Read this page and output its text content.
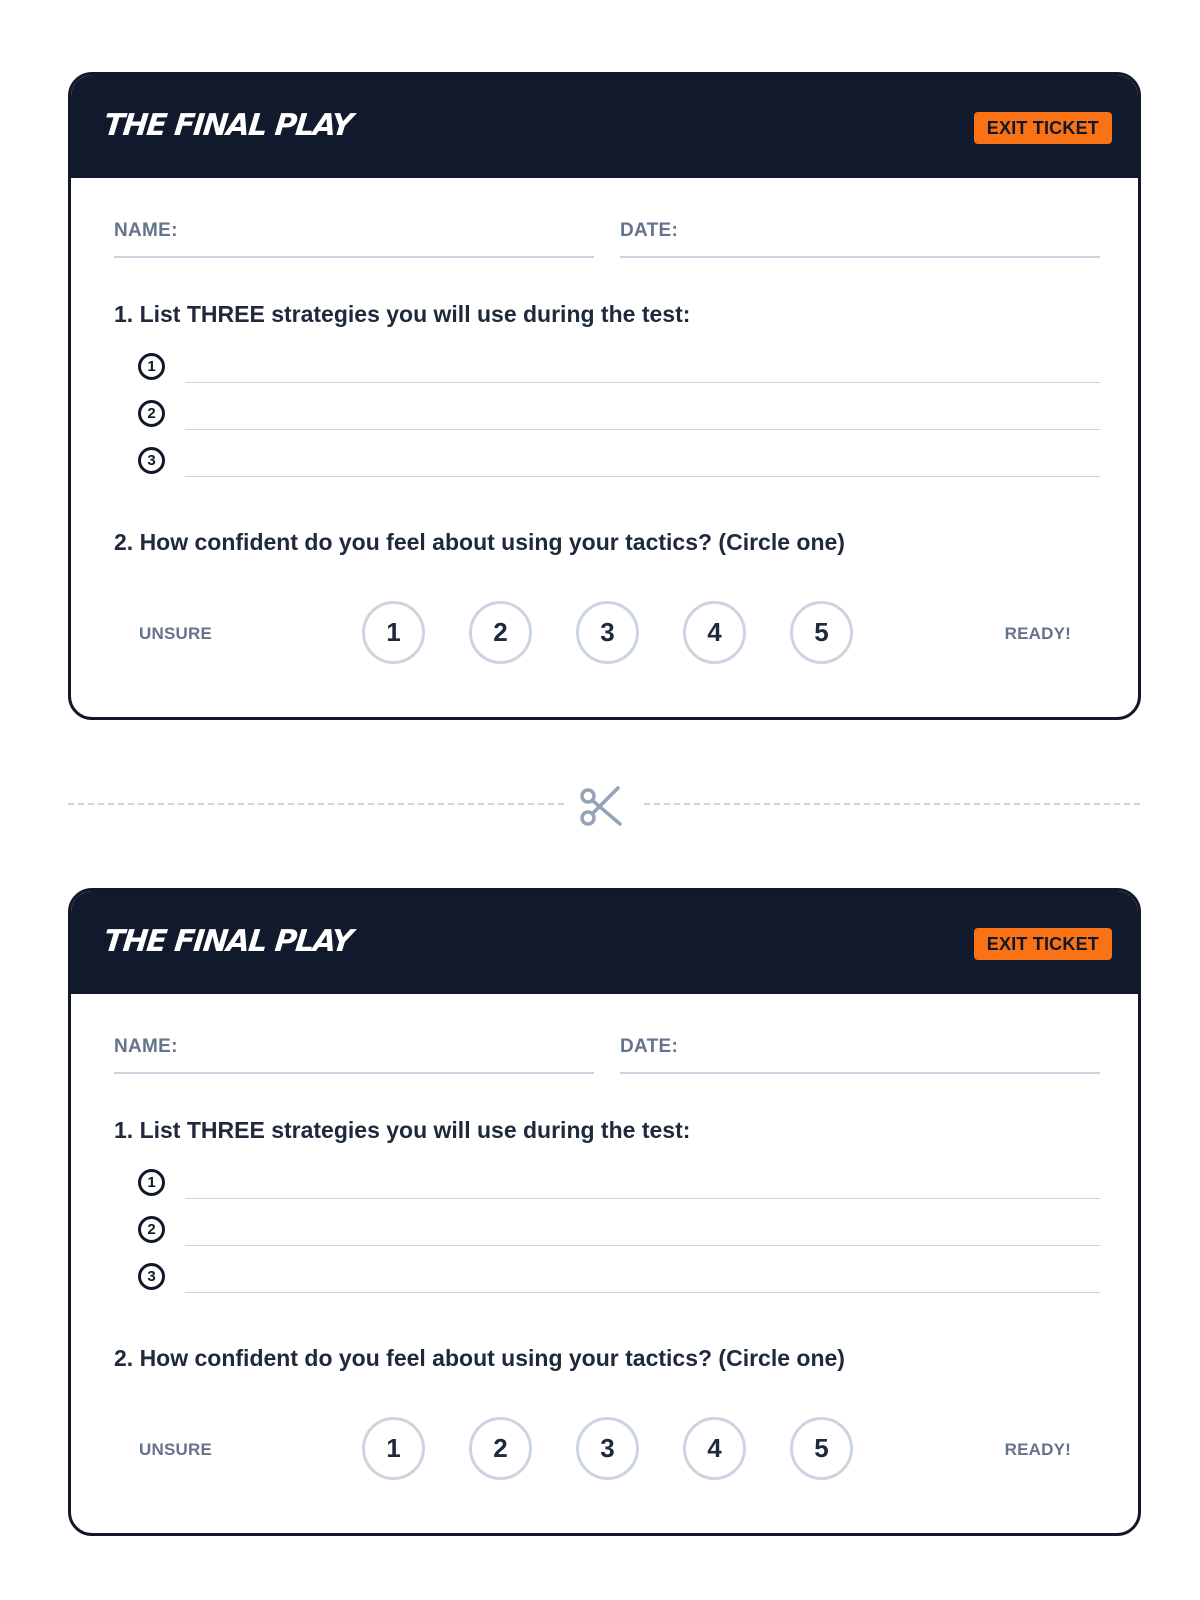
THE FINAL PLAY	EXIT TICKET
NAME:	DATE:
1. List THREE strategies you will use during the test:
1
2
3
2. How confident do you feel about using your tactics? (Circle one)
UNSURE	1	2	3	4	5	READY!
THE FINAL PLAY	EXIT TICKET
NAME:	DATE:
1. List THREE strategies you will use during the test:
1
2
3
2. How confident do you feel about using your tactics? (Circle one)
UNSURE	1	2	3	4	5	READY!
